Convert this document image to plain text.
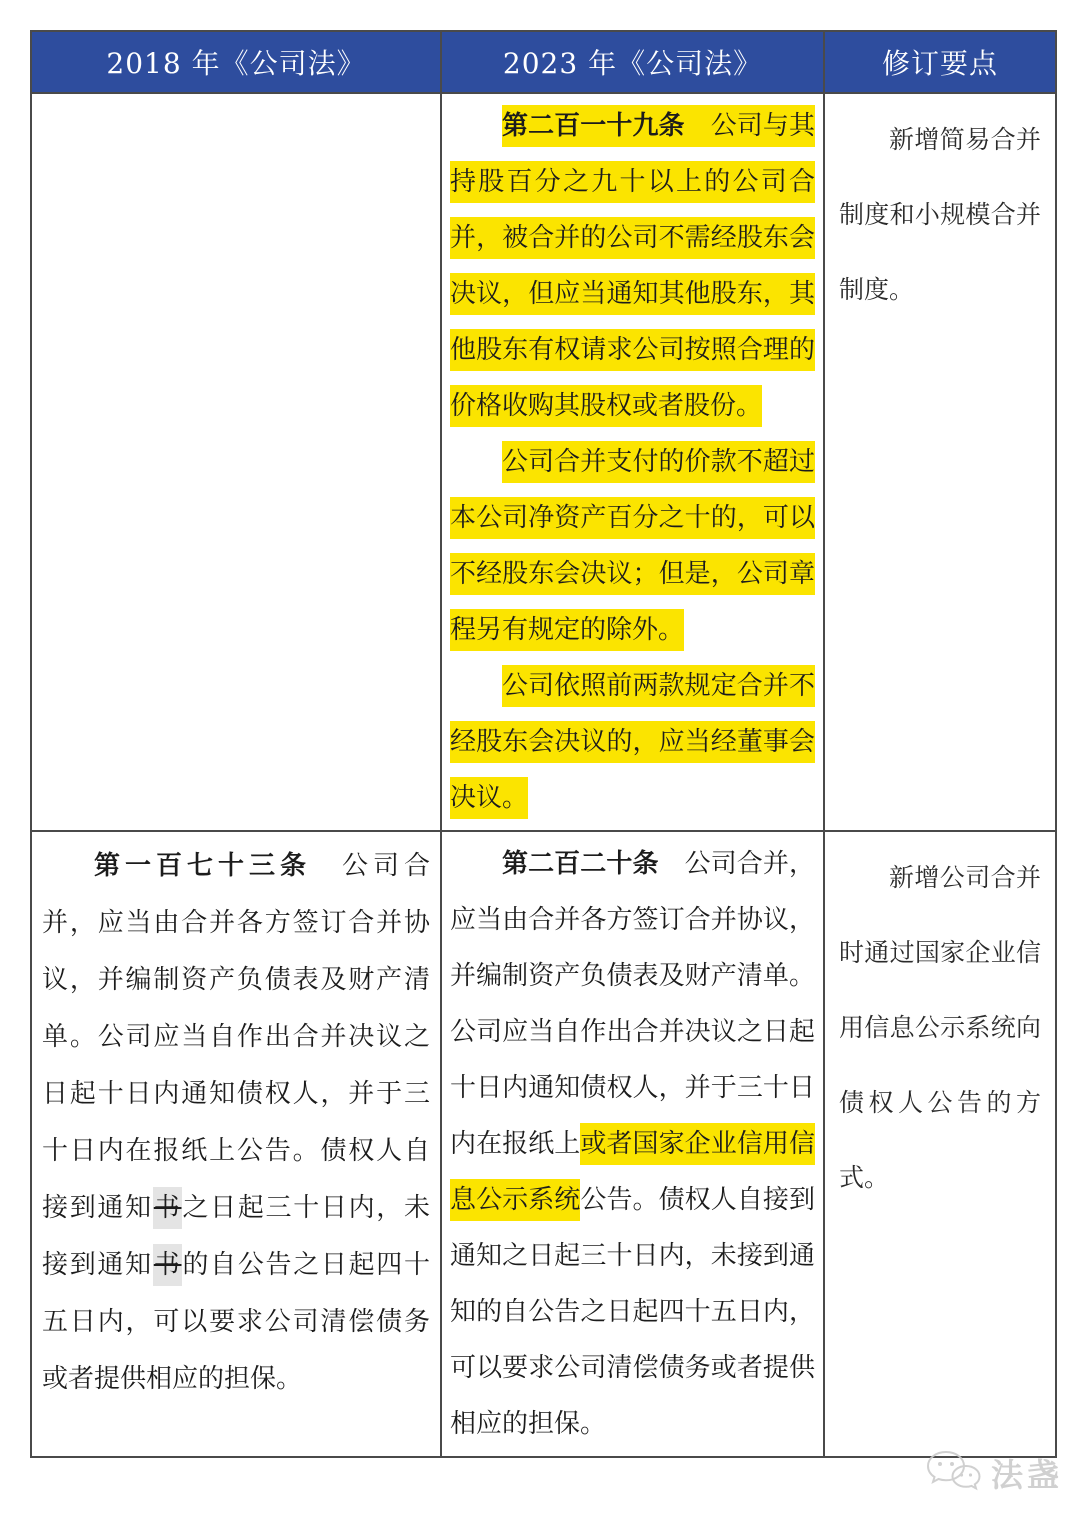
2018 年《公司法》	2023 年《公司法》	修订要点

	第二百一十九条　公司与其持股百分之九十以上的公司合并，被合并的公司不需经股东会决议，但应当通知其他股东，其他股东有权请求公司按照合理的价格收购其股权或者股份。

公司合并支付的价款不超过本公司净资产百分之十的，可以不经股东会决议；但是，公司章程另有规定的除外。

公司依照前两款规定合并不经股东会决议的，应当经董事会决议。	新增简易合并制度和小规模合并制度。

第一百七十三条　公司合并，应当由合并各方签订合并协议，并编制资产负债表及财产清单。公司应当自作出合并决议之日起十日内通知债权人，并于三十日内在报纸上公告。债权人自接到通知书之日起三十日内，未接到通知书的自公告之日起四十五日内，可以要求公司清偿债务或者提供相应的担保。	第二百二十条　公司合并，应当由合并各方签订合并协议，并编制资产负债表及财产清单。公司应当自作出合并决议之日起十日内通知债权人，并于三十日内在报纸上或者国家企业信用信息公示系统公告。债权人自接到通知之日起三十日内，未接到通知的自公告之日起四十五日内，可以要求公司清偿债务或者提供相应的担保。	新增公司合并时通过国家企业信用信息公示系统向债权人公告的方式。

法盏
